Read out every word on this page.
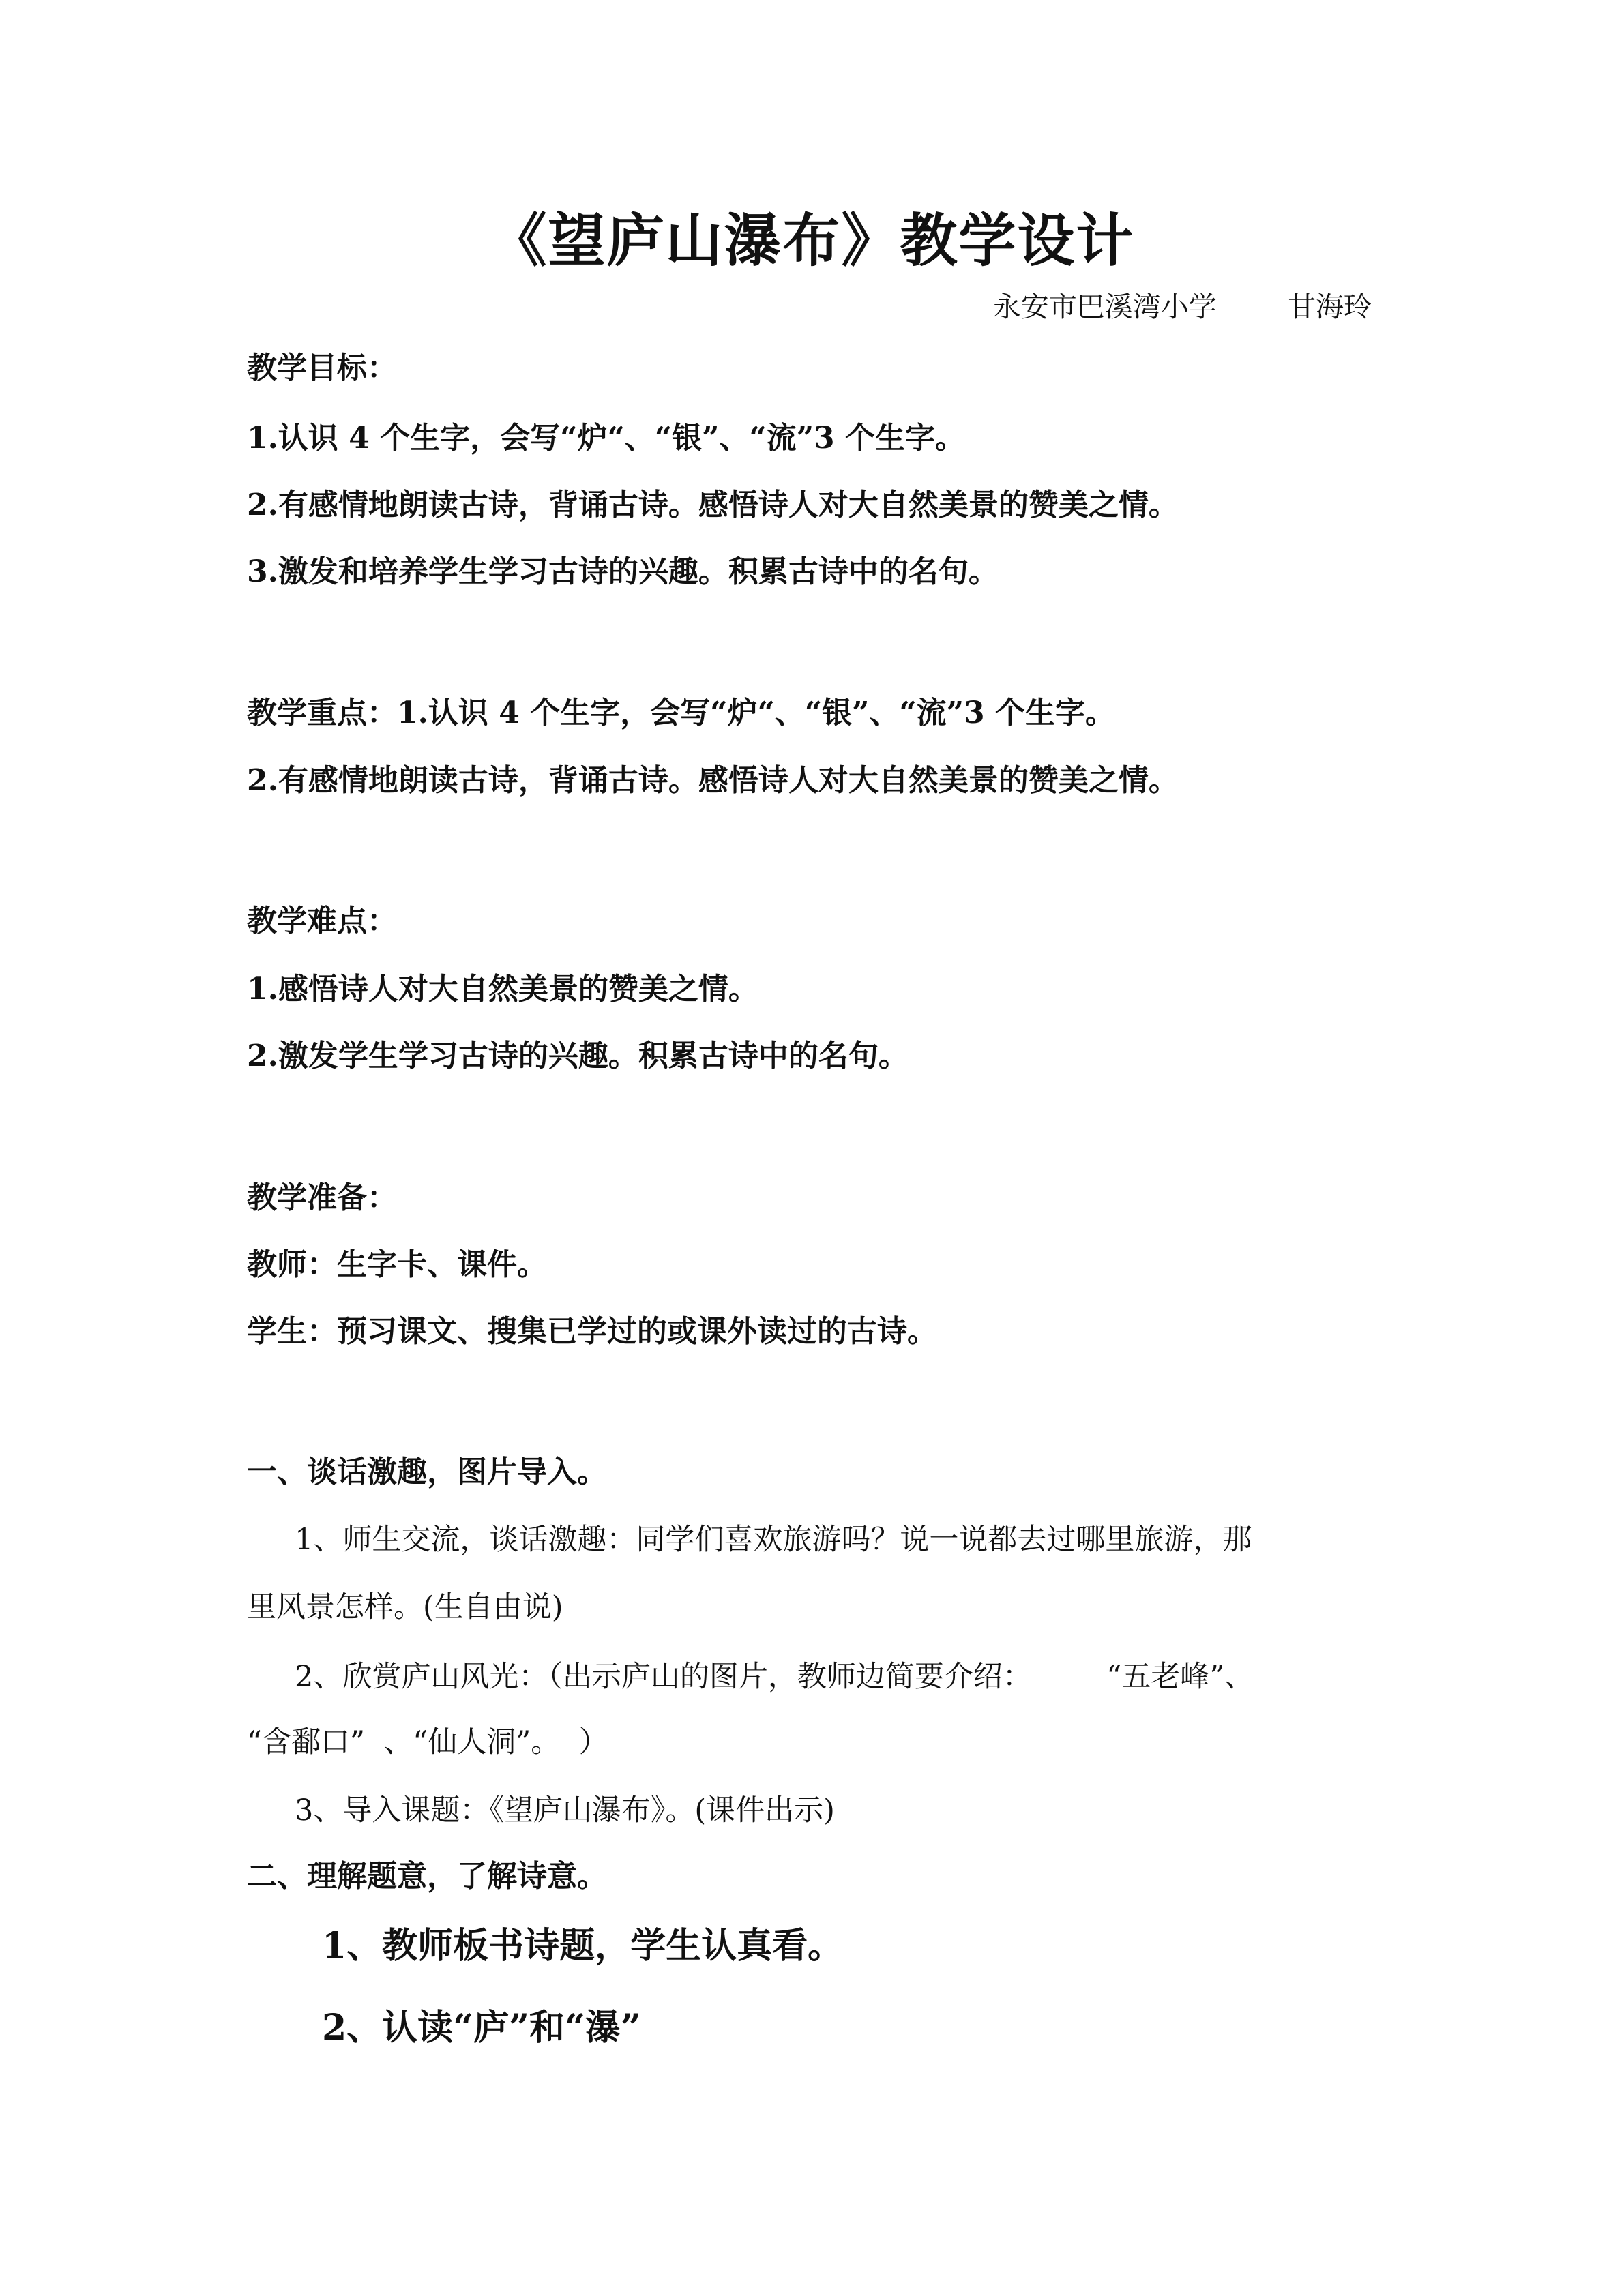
《望庐山瀑布》教学设计
永安市巴溪湾小学        甘海玲
教学目标：
1.认识 4 个生字，会写“炉“、“银”、“流”3 个生字。
2.有感情地朗读古诗，背诵古诗。感悟诗人对大自然美景的赞美之情。
3.激发和培养学生学习古诗的兴趣。积累古诗中的名句。
教学重点：1.认识 4 个生字，会写“炉“、“银”、“流”3 个生字。
2.有感情地朗读古诗，背诵古诗。感悟诗人对大自然美景的赞美之情。
教学难点：
1.感悟诗人对大自然美景的赞美之情。
2.激发学生学习古诗的兴趣。积累古诗中的名句。
教学准备：
教师：生字卡、课件。
学生：预习课文、搜集已学过的或课外读过的古诗。
一、谈话激趣，图片导入。
1、师生交流，谈话激趣：同学们喜欢旅游吗？说一说都去过哪里旅游，那
里风景怎样。(生自由说)
2、欣赏庐山风光：（出示庐山的图片，教师边简要介绍：        “五老峰”、
“含鄱口”  、“仙人洞”。  ）
3、导入课题：《望庐山瀑布》。(课件出示)
二、理解题意，了解诗意。
1、教师板书诗题，学生认真看。
2、认读“庐”和“瀑”
